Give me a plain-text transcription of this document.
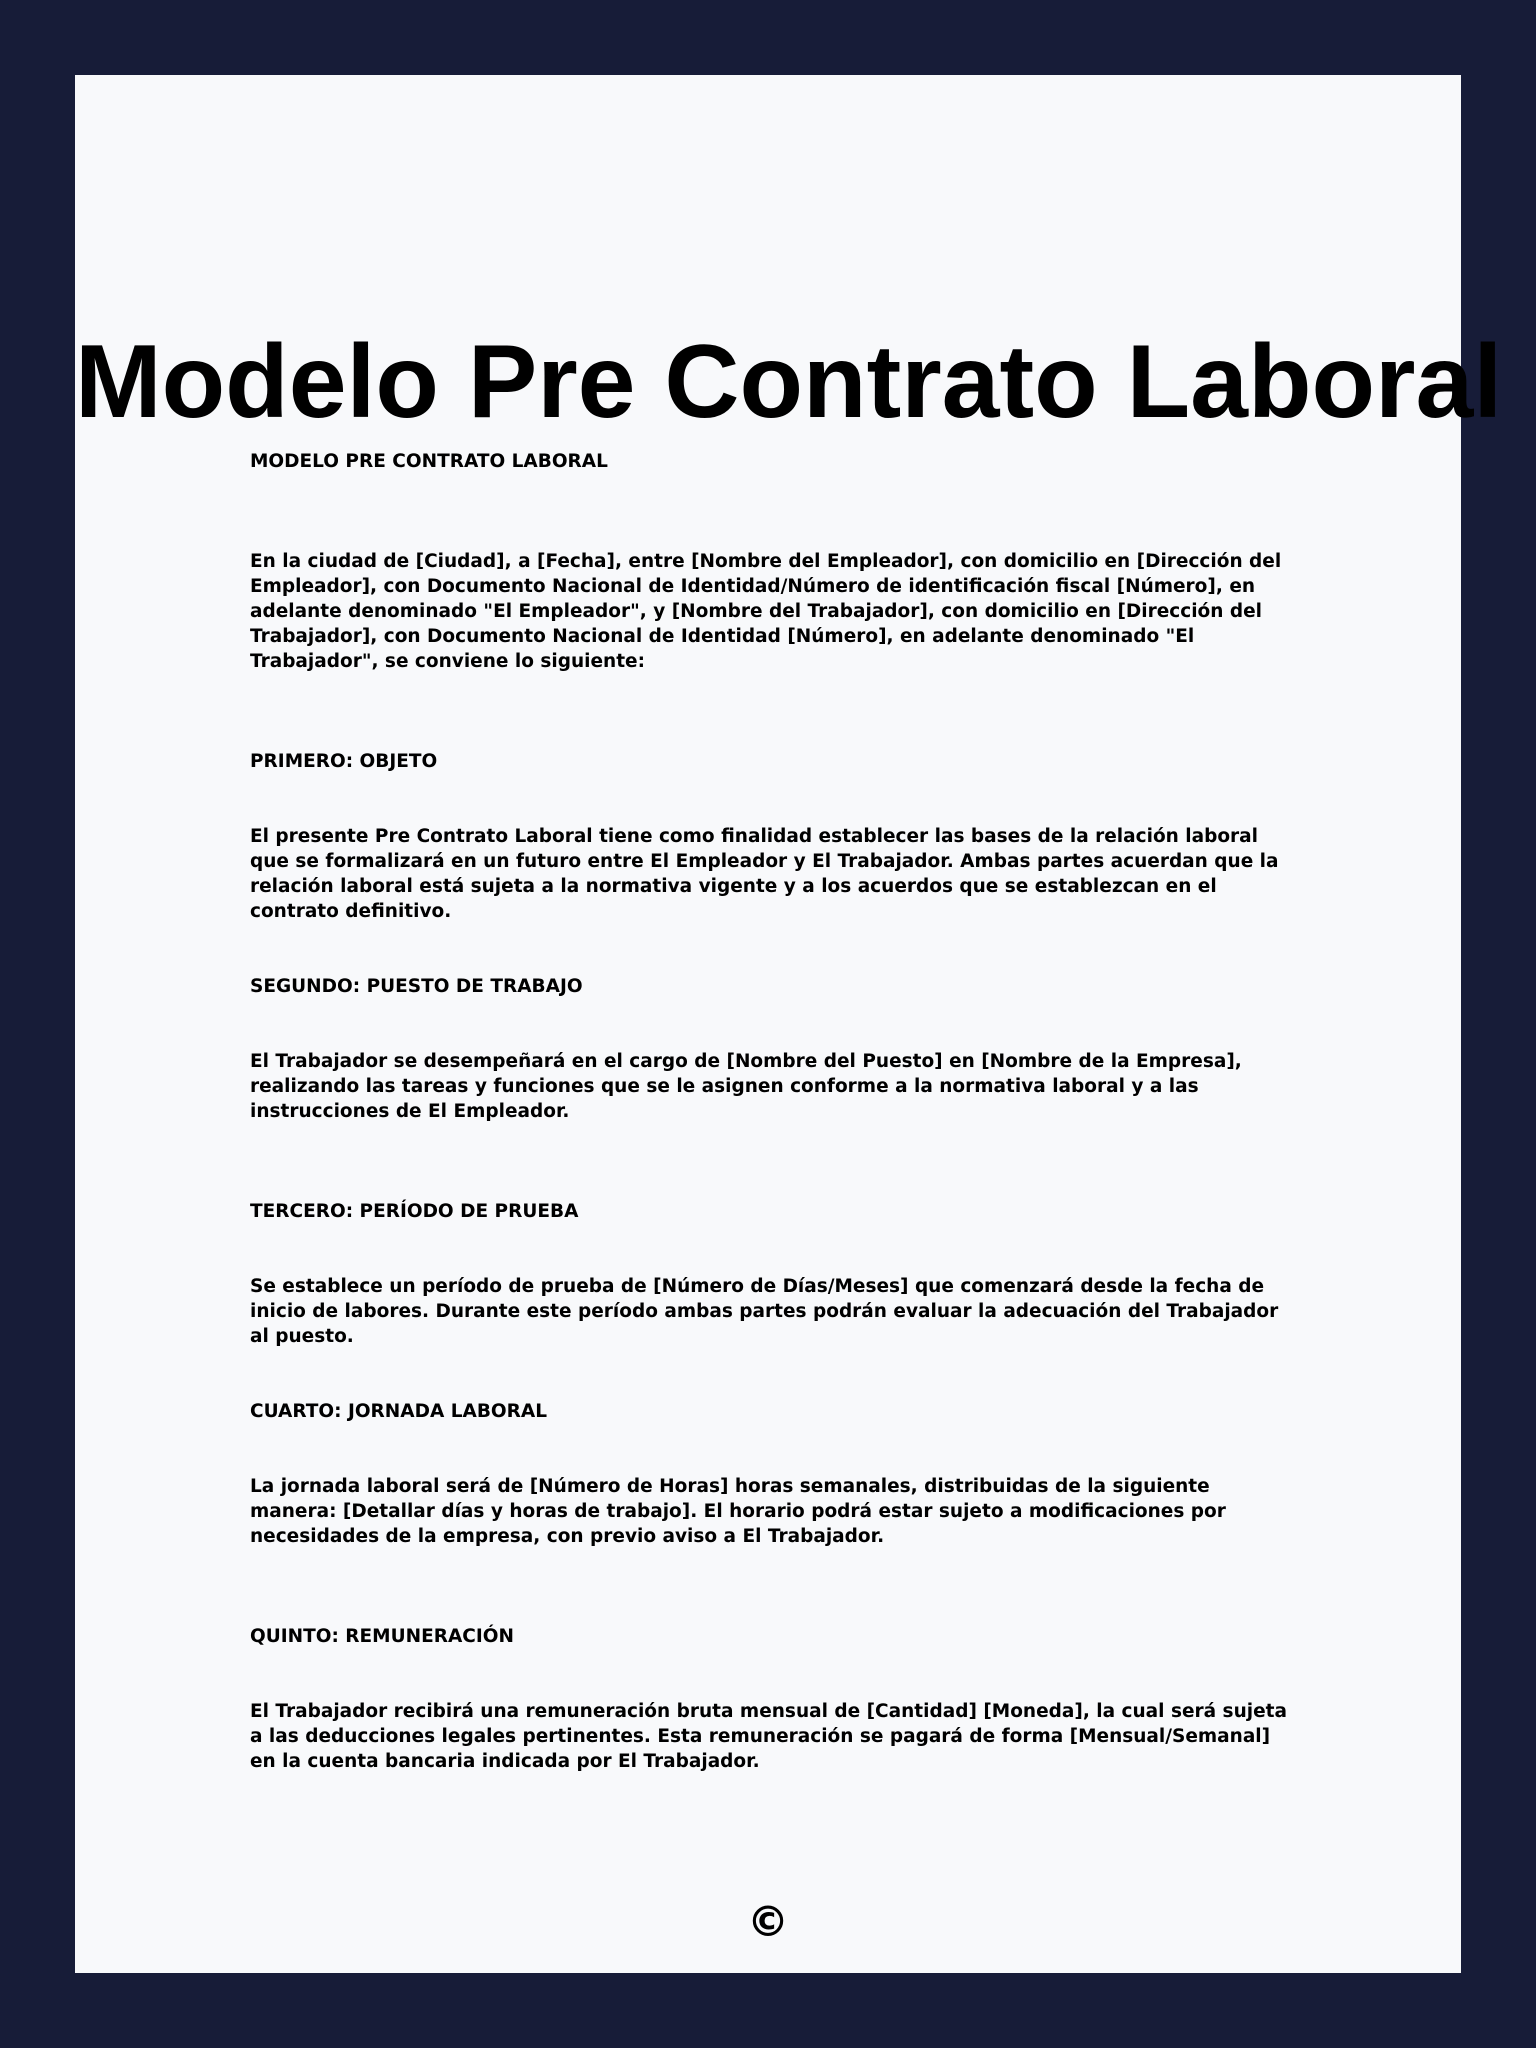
Modelo Pre Contrato Laboral

MODELO PRE CONTRATO LABORAL

En la ciudad de [Ciudad], a [Fecha], entre [Nombre del Empleador], con domicilio en [Dirección del Empleador], con Documento Nacional de Identidad/Número de identificación fiscal [Número], en adelante denominado "El Empleador", y [Nombre del Trabajador], con domicilio en [Dirección del Trabajador], con Documento Nacional de Identidad [Número], en adelante denominado "El Trabajador", se conviene lo siguiente:

PRIMERO: OBJETO

El presente Pre Contrato Laboral tiene como finalidad establecer las bases de la relación laboral que se formalizará en un futuro entre El Empleador y El Trabajador. Ambas partes acuerdan que la relación laboral está sujeta a la normativa vigente y a los acuerdos que se establezcan en el contrato definitivo.

SEGUNDO: PUESTO DE TRABAJO

El Trabajador se desempeñará en el cargo de [Nombre del Puesto] en [Nombre de la Empresa], realizando las tareas y funciones que se le asignen conforme a la normativa laboral y a las instrucciones de El Empleador.

TERCERO: PERÍODO DE PRUEBA

Se establece un período de prueba de [Número de Días/Meses] que comenzará desde la fecha de inicio de labores. Durante este período ambas partes podrán evaluar la adecuación del Trabajador al puesto.

CUARTO: JORNADA LABORAL

La jornada laboral será de [Número de Horas] horas semanales, distribuidas de la siguiente manera: [Detallar días y horas de trabajo]. El horario podrá estar sujeto a modificaciones por necesidades de la empresa, con previo aviso a El Trabajador.

QUINTO: REMUNERACIÓN

El Trabajador recibirá una remuneración bruta mensual de [Cantidad] [Moneda], la cual será sujeta a las deducciones legales pertinentes. Esta remuneración se pagará de forma [Mensual/Semanal] en la cuenta bancaria indicada por El Trabajador.

©
